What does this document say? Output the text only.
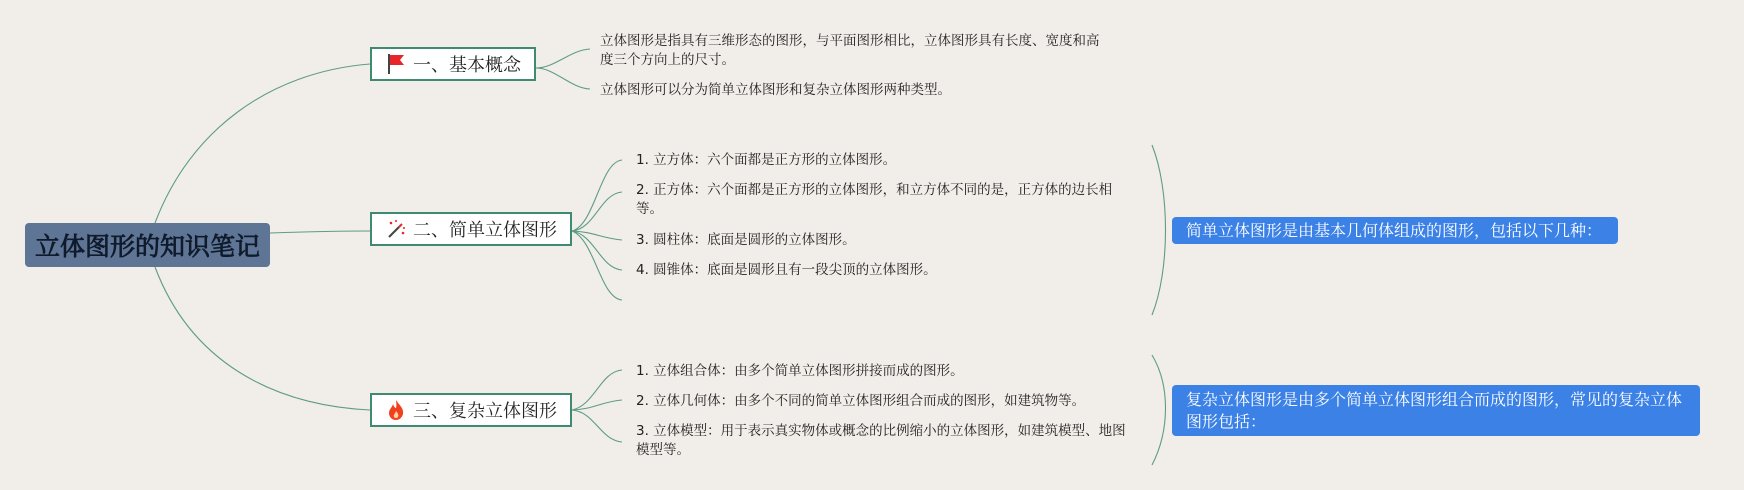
立体图形的知识笔记
一、基本概念
立体图形是指具有三维形态的图形，与平面图形相比，立体图形具有长度、宽度和高度三个方向上的尺寸。
立体图形可以分为简单立体图形和复杂立体图形两种类型。
二、简单立体图形
1. 立方体：六个面都是正方形的立体图形。
2. 正方体：六个面都是正方形的立体图形，和立方体不同的是，正方体的边长相等。
3. 圆柱体：底面是圆形的立体图形。
4. 圆锥体：底面是圆形且有一段尖顶的立体图形。
简单立体图形是由基本几何体组成的图形，包括以下几种：
三、复杂立体图形
1. 立体组合体：由多个简单立体图形拼接而成的图形。
2. 立体几何体：由多个不同的简单立体图形组合而成的图形，如建筑物等。
3. 立体模型：用于表示真实物体或概念的比例缩小的立体图形，如建筑模型、地图模型等。
复杂立体图形是由多个简单立体图形组合而成的图形，常见的复杂立体图形包括：
